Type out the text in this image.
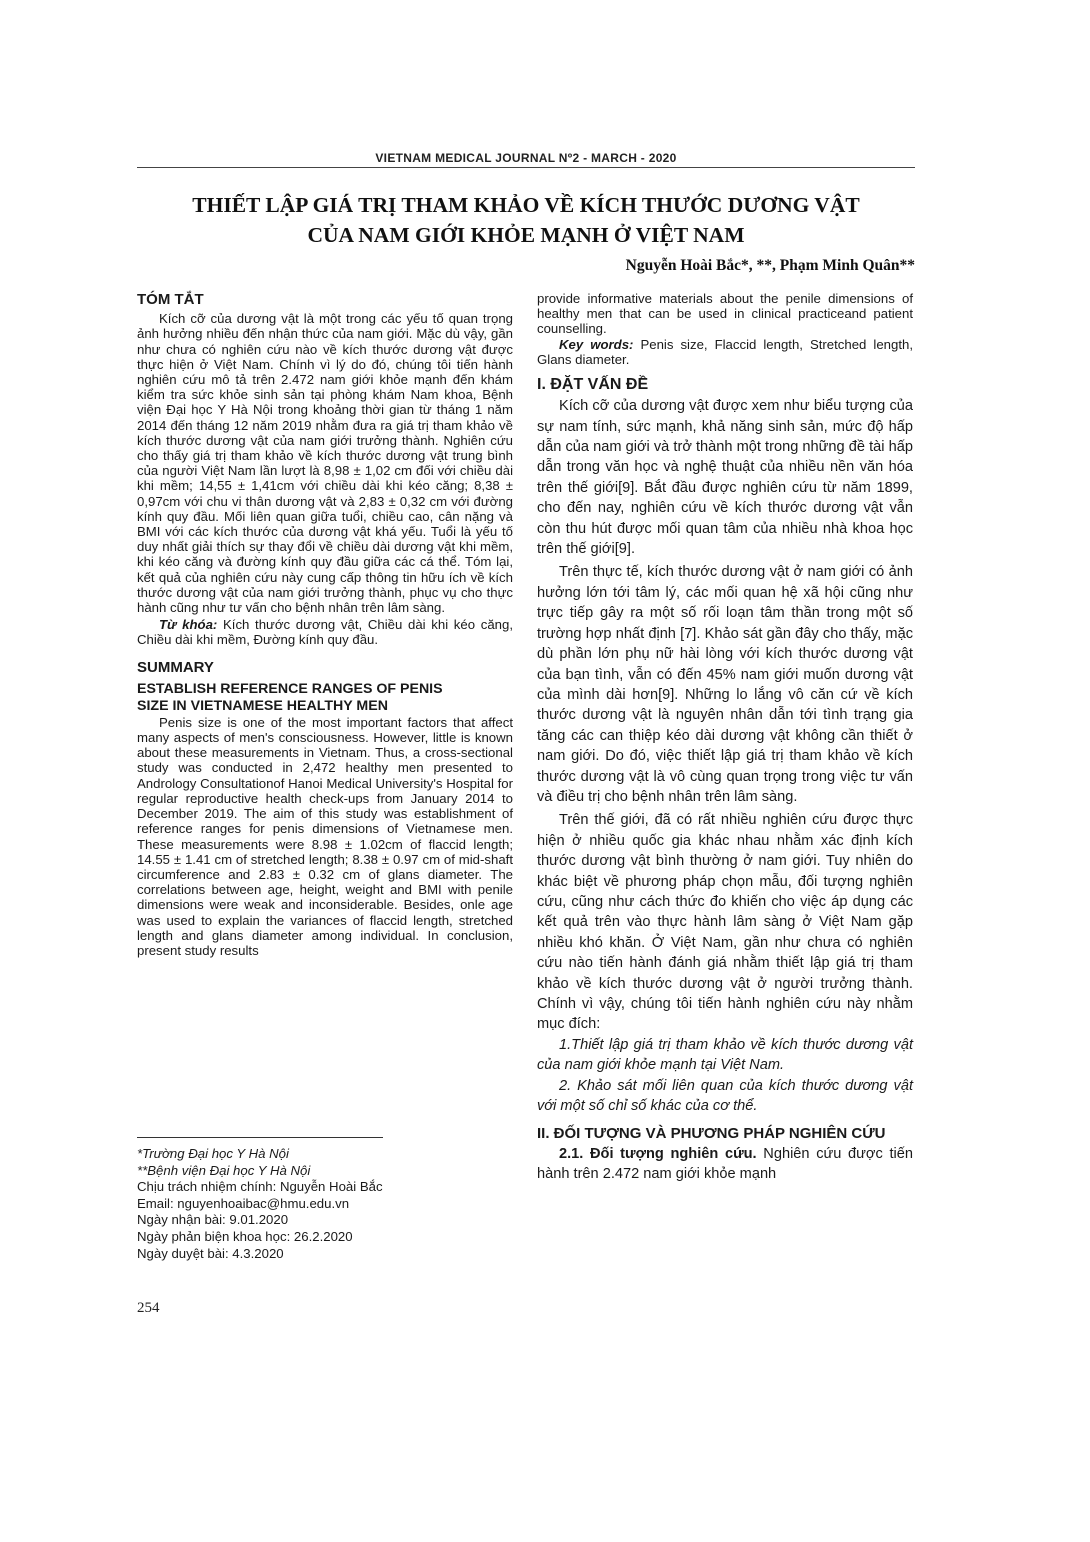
VIETNAM MEDICAL JOURNAL Nº2 - MARCH - 2020
THIẾT LẬP GIÁ TRỊ THAM KHẢO VỀ KÍCH THƯỚC DƯƠNG VẬT
CỦA NAM GIỚI KHỎE MẠNH Ở VIỆT NAM
Nguyễn Hoài Bắc*, **, Phạm Minh Quân**

TÓM TẮT

Kích cỡ của dương vật là một trong các yếu tố quan trọng ảnh hưởng nhiều đến nhận thức của nam giới. Mặc dù vậy, gần như chưa có nghiên cứu nào về kích thước dương vật được thực hiện ở Việt Nam. Chính vì lý do đó, chúng tôi tiến hành nghiên cứu mô tả trên 2.472 nam giới khỏe mạnh đến khám kiểm tra sức khỏe sinh sản tại phòng khám Nam khoa, Bệnh viện Đại học Y Hà Nội trong khoảng thời gian từ tháng 1 năm 2014 đến tháng 12 năm 2019 nhằm đưa ra giá trị tham khảo về kích thước dương vật của nam giới trưởng thành. Nghiên cứu cho thấy giá trị tham khảo về kích thước dương vật trung bình của người Việt Nam lần lượt là 8,98 ± 1,02 cm đối với chiều dài khi mềm; 14,55 ± 1,41cm với chiều dài khi kéo căng; 8,38 ± 0,97cm với chu vi thân dương vật và 2,83 ± 0,32 cm với đường kính quy đầu. Mối liên quan giữa tuổi, chiều cao, cân nặng và BMI với các kích thước của dương vật khá yếu. Tuổi là yếu tố duy nhất giải thích sự thay đổi về chiều dài dương vật khi mềm, khi kéo căng và đường kính quy đầu giữa các cá thể. Tóm lại, kết quả của nghiên cứu này cung cấp thông tin hữu ích về kích thước dương vật của nam giới trưởng thành, phục vụ cho thực hành cũng như tư vấn cho bệnh nhân trên lâm sàng.

Từ khóa: Kích thước dương vật, Chiều dài khi kéo căng, Chiều dài khi mềm, Đường kính quy đầu.

SUMMARY

ESTABLISH REFERENCE RANGES OF PENIS

SIZE IN VIETNAMESE HEALTHY MEN

Penis size is one of the most important factors that affect many aspects of men's consciousness. However, little is known about these measurements in Vietnam. Thus, a cross-sectional study was conducted in 2,472 healthy men presented to Andrology Consultationof Hanoi Medical University's Hospital for regular reproductive health check-ups from January 2014 to December 2019. The aim of this study was establishment of reference ranges for penis dimensions of Vietnamese men. These measurements were 8.98 ± 1.02cm of flaccid length; 14.55 ± 1.41 cm of stretched length; 8.38 ± 0.97 cm of mid-shaft circumference and 2.83 ± 0.32 cm of glans diameter. The correlations between age, height, weight and BMI with penile dimensions were weak and inconsiderable. Besides, onle age was used to explain the variances of flaccid length, stretched length and glans diameter among individual. In conclusion, present study results

*Trường Đại học Y Hà Nội
**Bệnh viện Đại học Y Hà Nội
Chịu trách nhiệm chính: Nguyễn Hoài Bắc
Email: nguyenhoaibac@hmu.edu.vn
Ngày nhận bài: 9.01.2020
Ngày phản biện khoa học: 26.2.2020
Ngày duyệt bài: 4.3.2020
254

provide informative materials about the penile dimensions of healthy men that can be used in clinical practiceand patient counselling.

Key words: Penis size, Flaccid length, Stretched length, Glans diameter.

I. ĐẶT VẤN ĐỀ

Kích cỡ của dương vật được xem như biểu tượng của sự nam tính, sức mạnh, khả năng sinh sản, mức độ hấp dẫn của nam giới và trở thành một trong những đề tài hấp dẫn trong văn học và nghệ thuật của nhiều nền văn hóa trên thế giới[9]. Bắt đầu được nghiên cứu từ năm 1899, cho đến nay, nghiên cứu về kích thước dương vật vẫn còn thu hút được mối quan tâm của nhiều nhà khoa học trên thế giới[9].

Trên thực tế, kích thước dương vật ở nam giới có ảnh hưởng lớn tới tâm lý, các mối quan hệ xã hội cũng như trực tiếp gây ra một số rối loạn tâm thần trong một số trường hợp nhất định [7]. Khảo sát gần đây cho thấy, mặc dù phần lớn phụ nữ hài lòng với kích thước dương vật của bạn tình, vẫn có đến 45% nam giới muốn dương vật của mình dài hơn[9]. Những lo lắng vô căn cứ về kích thước dương vật là nguyên nhân dẫn tới tình trạng gia tăng các can thiệp kéo dài dương vật không cần thiết ở nam giới. Do đó, việc thiết lập giá trị tham khảo về kích thước dương vật là vô cùng quan trọng trong việc tư vấn và điều trị cho bệnh nhân trên lâm sàng.

Trên thế giới, đã có rất nhiều nghiên cứu được thực hiện ở nhiều quốc gia khác nhau nhằm xác định kích thước dương vật bình thường ở nam giới. Tuy nhiên do khác biệt về phương pháp chọn mẫu, đối tượng nghiên cứu, cũng như cách thức đo khiến cho việc áp dụng các kết quả trên vào thực hành lâm sàng ở Việt Nam gặp nhiều khó khăn. Ở Việt Nam, gần như chưa có nghiên cứu nào tiến hành đánh giá nhằm thiết lập giá trị tham khảo về kích thước dương vật ở người trưởng thành. Chính vì vậy, chúng tôi tiến hành nghiên cứu này nhằm mục đích:

1.Thiết lập giá trị tham khảo về kích thước dương vật của nam giới khỏe mạnh tại Việt Nam.

2. Khảo sát mối liên quan của kích thước dương vật với một số chỉ số khác của cơ thể.

II. ĐỐI TƯỢNG VÀ PHƯƠNG PHÁP NGHIÊN CỨU

2.1. Đối tượng nghiên cứu. Nghiên cứu được tiến hành trên 2.472 nam giới khỏe mạnh
